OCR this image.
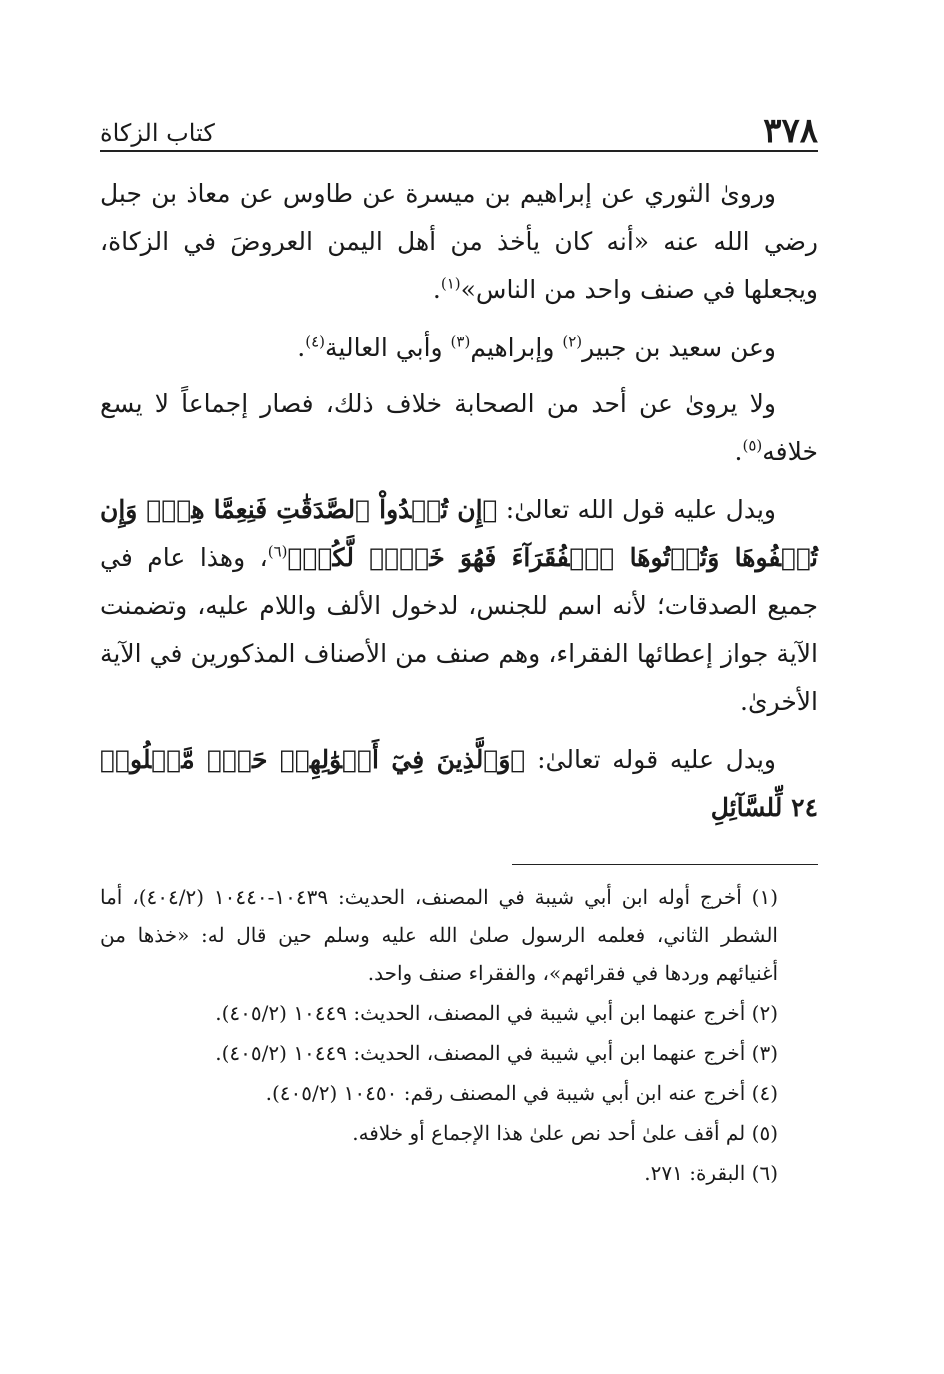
٣٧٨
كتاب الزكاة

وروىٰ الثوري عن إبراهيم بن ميسرة عن طاوس عن معاذ بن جبل رضي الله عنه «أنه كان يأخذ من أهل اليمن العروضَ في الزكاة، ويجعلها في صنف واحد من الناس»$^{(١)}$.

وعن سعيد بن جبير$^{(٢)}$ وإبراهيم$^{(٣)}$ وأبي العالية$^{(٤)}$.

ولا يروىٰ عن أحد من الصحابة خلاف ذلك، فصار إجماعاً لا يسع خلافه$^{(٥)}$.

ويدل عليه قول الله تعالىٰ: ﴿إِن تُبۡدُواْ ٱلصَّدَقَٰتِ فَنِعِمَّا هِيَۖ وَإِن تُخۡفُوهَا وَتُؤۡتُوهَا ٱلۡفُقَرَآءَ فَهُوَ خَيۡرٞ لَّكُمۡ﴾$^{(٦)}$، وهذا عام في جميع الصدقات؛ لأنه اسم للجنس، لدخول الألف واللام عليه، وتضمنت الآية جواز إعطائها الفقراء، وهم صنف من الأصناف المذكورين في الآية الأخرىٰ.

ويدل عليه قوله تعالىٰ: ﴿وَٱلَّذِينَ فِيٓ أَمۡوَٰلِهِمۡ حَقّٞ مَّعۡلُومٞ ٢٤ لِّلسَّآئِلِ

(١) أخرج أوله ابن أبي شيبة في المصنف، الحديث: ١٠٤٣٩-١٠٤٤٠ (٤٠٤/٢)، أما الشطر الثاني، فعلمه الرسول صلىٰ الله عليه وسلم حين قال له: «خذها من أغنيائهم وردها في فقرائهم»، والفقراء صنف واحد.

(٢) أخرج عنهما ابن أبي شيبة في المصنف، الحديث: ١٠٤٤٩ (٤٠٥/٢).

(٣) أخرج عنهما ابن أبي شيبة في المصنف، الحديث: ١٠٤٤٩ (٤٠٥/٢).

(٤) أخرج عنه ابن أبي شيبة في المصنف رقم: ١٠٤٥٠ (٤٠٥/٢).

(٥) لم أقف علىٰ أحد نص علىٰ هذا الإجماع أو خلافه.

(٦) البقرة: ٢٧١.
